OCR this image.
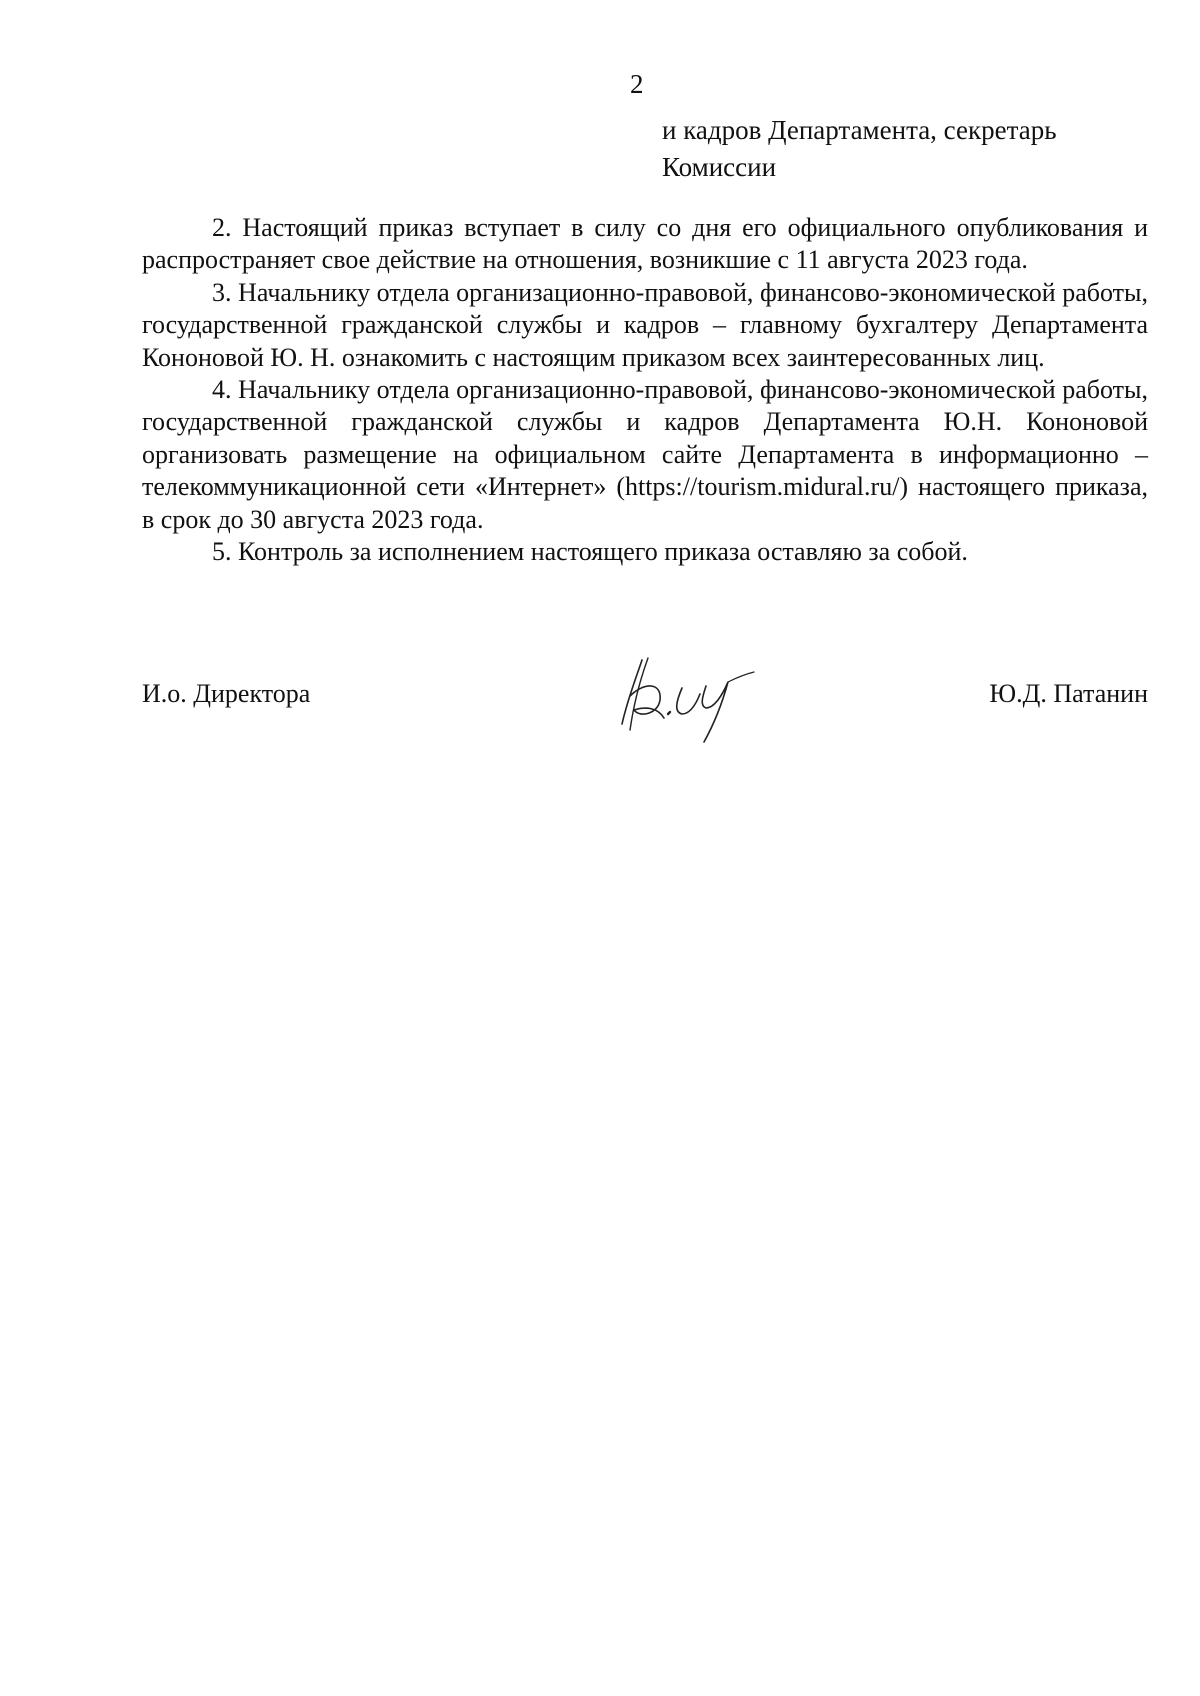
2
и кадров Департамента, секретарь
Комиссии

2. Настоящий приказ вступает в силу со дня его официального опубликования и распространяет свое действие на отношения, возникшие с 11 августа 2023 года.

3. Начальнику отдела организационно-правовой, финансово-экономической работы, государственной гражданской службы и кадров – главному бухгалтеру Департамента Кононовой Ю. Н. ознакомить с настоящим приказом всех заинтересованных лиц.

4. Начальнику отдела организационно-правовой, финансово-экономической работы, государственной гражданской службы и кадров Департамента Ю.Н. Кононовой организовать размещение на официальном сайте Департамента в информационно – телекоммуникационной сети «Интернет» (https://tourism.midural.ru/) настоящего приказа, в срок до 30 августа 2023 года.

5. Контроль за исполнением настоящего приказа оставляю за собой.

И.о. Директора	Ю.Д. Патанин
